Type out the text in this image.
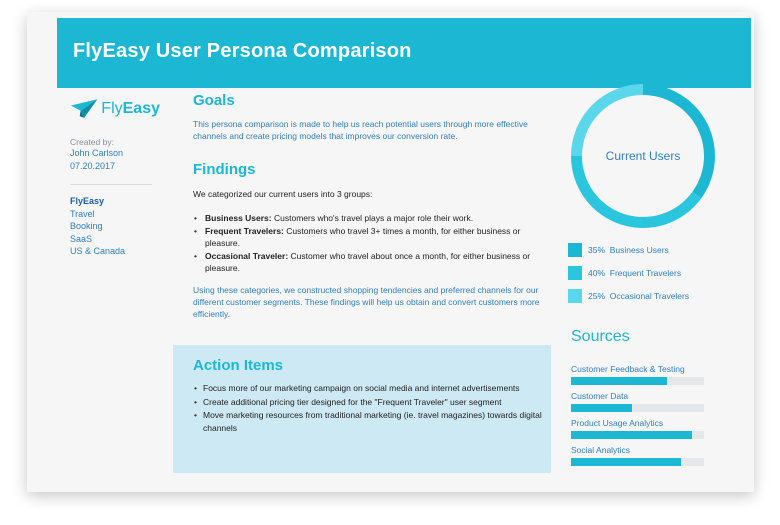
FlyEasy User Persona Comparison
FlyEasy
Created by:
John Carlson
07.20.2017
FlyEasy
Travel
Booking
SaaS
US & Canada
Goals
This persona comparison is made to help us reach potential users through more effective channels and create pricing models that improves our conversion rate.
Findings
We categorized our current users into 3 groups:
• Business Users: Customers who's travel plays a major role their work.
• Frequent Travelers: Customers who travel 3+ times a month, for either business or pleasure.
• Occasional Traveler: Customer who travel about once a month, for either business or pleasure.
Using these categories, we constructed shopping tendencies and preferred channels for our different customer segments. These findings will help us obtain and convert customers more efficiently.
Action Items
• Focus more of our marketing campaign on social media and internet advertisements
• Create additional pricing tier designed for the "Frequent Traveler" user segment
• Move marketing resources from traditional marketing (ie. travel magazines) towards digital channels
Current Users
35% Business Users
40% Frequent Travelers
25% Occasional Travelers
Sources
Customer Feedback & Testing
Customer Data
Product Usage Analytics
Social Analytics
